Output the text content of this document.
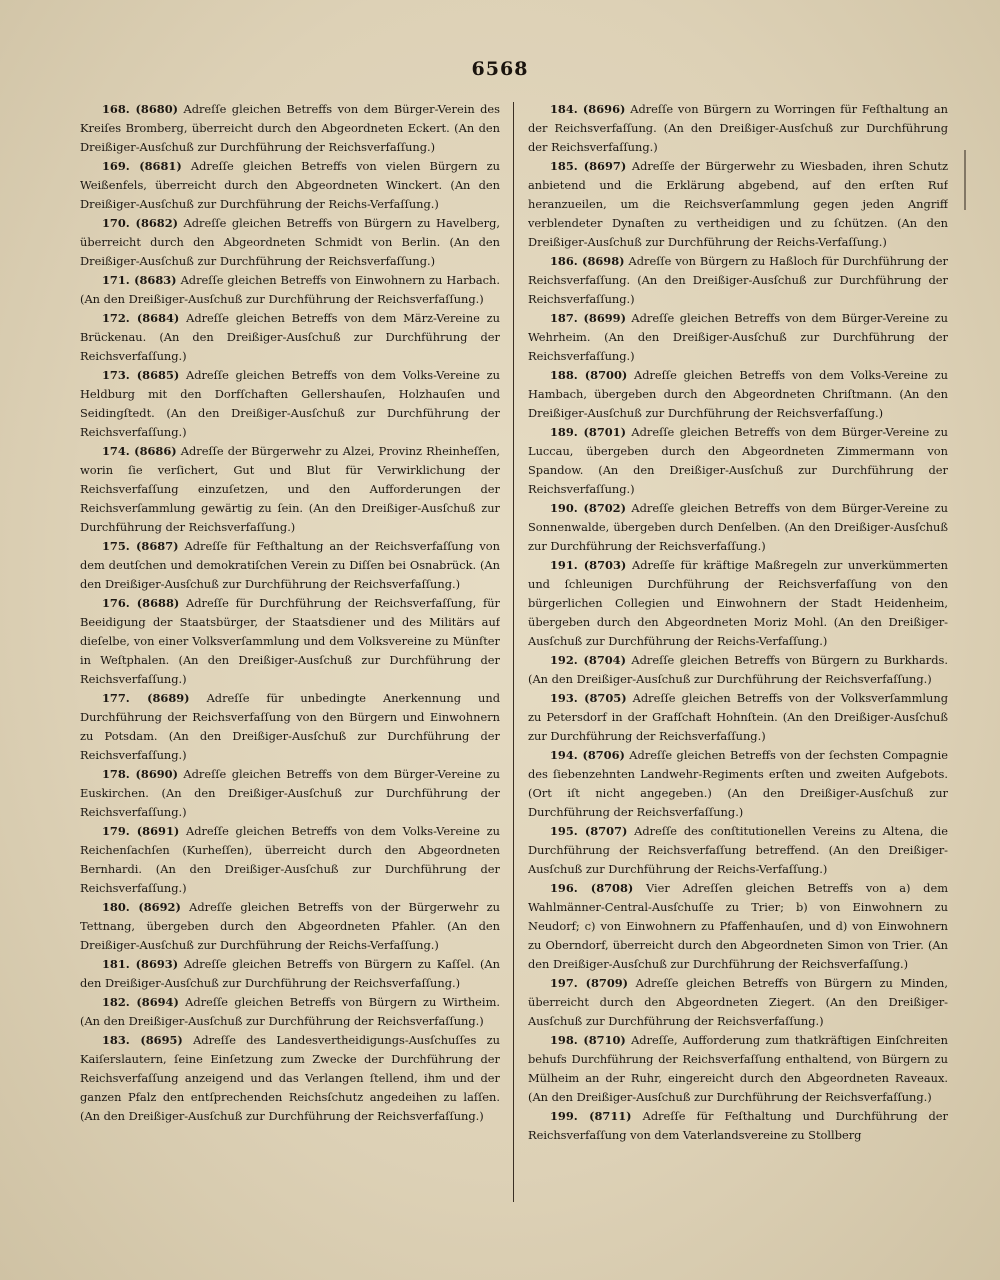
6568

168. (8680) Adreſſe gleichen Betreffs von dem Bürger-Verein des Kreiſes Bromberg, überreicht durch den Abgeordneten Eckert. (An den Dreißiger-Ausſchuß zur Durchführung der Reichsverfaſſung.)

169. (8681) Adreſſe gleichen Betreffs von vielen Bürgern zu Weißenfels, überreicht durch den Abgeordneten Winckert. (An den Dreißiger-Ausſchuß zur Durchführung der Reichs-Verfaſſung.)

170. (8682) Adreſſe gleichen Betreffs von Bürgern zu Havelberg, überreicht durch den Abgeordneten Schmidt von Berlin. (An den Dreißiger-Ausſchuß zur Durchführung der Reichsverfaſſung.)

171. (8683) Adreſſe gleichen Betreffs von Einwohnern zu Harbach. (An den Dreißiger-Ausſchuß zur Durchführung der Reichsverfaſſung.)

172. (8684) Adreſſe gleichen Betreffs von dem März-Vereine zu Brückenau. (An den Dreißiger-Ausſchuß zur Durchführung der Reichsverfaſſung.)

173. (8685) Adreſſe gleichen Betreffs von dem Volks-Vereine zu Heldburg mit den Dorfſchaften Gellershauſen, Holzhauſen und Seidingſtedt. (An den Dreißiger-Ausſchuß zur Durchführung der Reichsverfaſſung.)

174. (8686) Adreſſe der Bürgerwehr zu Alzei, Provinz Rheinheſſen, worin ſie verſichert, Gut und Blut für Verwirklichung der Reichsverfaſſung einzuſetzen, und den Aufforderungen der Reichsverſammlung gewärtig zu ſein. (An den Dreißiger-Ausſchuß zur Durchführung der Reichsverfaſſung.)

175. (8687) Adreſſe für Feſthaltung an der Reichsverfaſſung von dem deutſchen und demokratiſchen Verein zu Diſſen bei Osnabrück. (An den Dreißiger-Ausſchuß zur Durchführung der Reichsverfaſſung.)

176. (8688) Adreſſe für Durchführung der Reichsverfaſſung, für Beeidigung der Staatsbürger, der Staatsdiener und des Militärs auf dieſelbe, von einer Volksverſammlung und dem Volksvereine zu Münſter in Weſtphalen. (An den Dreißiger-Ausſchuß zur Durchführung der Reichsverfaſſung.)

177. (8689) Adreſſe für unbedingte Anerkennung und Durchführung der Reichsverfaſſung von den Bürgern und Einwohnern zu Potsdam. (An den Dreißiger-Ausſchuß zur Durchführung der Reichsverfaſſung.)

178. (8690) Adreſſe gleichen Betreffs von dem Bürger-Vereine zu Euskirchen. (An den Dreißiger-Ausſchuß zur Durchführung der Reichsverfaſſung.)

179. (8691) Adreſſe gleichen Betreffs von dem Volks-Vereine zu Reichenſachſen (Kurheſſen), überreicht durch den Abgeordneten Bernhardi. (An den Dreißiger-Ausſchuß zur Durchführung der Reichsverfaſſung.)

180. (8692) Adreſſe gleichen Betreffs von der Bürgerwehr zu Tettnang, übergeben durch den Abgeordneten Pfahler. (An den Dreißiger-Ausſchuß zur Durchführung der Reichs-Verfaſſung.)

181. (8693) Adreſſe gleichen Betreffs von Bürgern zu Kaſſel. (An den Dreißiger-Ausſchuß zur Durchführung der Reichsverfaſſung.)

182. (8694) Adreſſe gleichen Betreffs von Bürgern zu Wirtheim. (An den Dreißiger-Ausſchuß zur Durchführung der Reichsverfaſſung.)

183. (8695) Adreſſe des Landesvertheidigungs-Ausſchuſſes zu Kaiſerslautern, ſeine Einſetzung zum Zwecke der Durchführung der Reichsverfaſſung anzeigend und das Verlangen ſtellend, ihm und der ganzen Pfalz den entſprechenden Reichsſchutz angedeihen zu laſſen. (An den Dreißiger-Ausſchuß zur Durchführung der Reichsverfaſſung.)

184. (8696) Adreſſe von Bürgern zu Worringen für Feſthaltung an der Reichsverfaſſung. (An den Dreißiger-Ausſchuß zur Durchführung der Reichsverfaſſung.)

185. (8697) Adreſſe der Bürgerwehr zu Wiesbaden, ihren Schutz anbietend und die Erklärung abgebend, auf den erſten Ruf heranzueilen, um die Reichsverſammlung gegen jeden Angriff verblendeter Dynaſten zu vertheidigen und zu ſchützen. (An den Dreißiger-Ausſchuß zur Durchführung der Reichs-Verfaſſung.)

186. (8698) Adreſſe von Bürgern zu Haßloch für Durchführung der Reichsverfaſſung. (An den Dreißiger-Ausſchuß zur Durchführung der Reichsverfaſſung.)

187. (8699) Adreſſe gleichen Betreffs von dem Bürger-Vereine zu Wehrheim. (An den Dreißiger-Ausſchuß zur Durchführung der Reichsverfaſſung.)

188. (8700) Adreſſe gleichen Betreffs von dem Volks-Vereine zu Hambach, übergeben durch den Abgeordneten Chriſtmann. (An den Dreißiger-Ausſchuß zur Durchführung der Reichsverfaſſung.)

189. (8701) Adreſſe gleichen Betreffs von dem Bürger-Vereine zu Luccau, übergeben durch den Abgeordneten Zimmermann von Spandow. (An den Dreißiger-Ausſchuß zur Durchführung der Reichsverfaſſung.)

190. (8702) Adreſſe gleichen Betreffs von dem Bürger-Vereine zu Sonnenwalde, übergeben durch Denſelben. (An den Dreißiger-Ausſchuß zur Durchführung der Reichsverfaſſung.)

191. (8703) Adreſſe für kräftige Maßregeln zur unverkümmerten und ſchleunigen Durchführung der Reichsverfaſſung von den bürgerlichen Collegien und Einwohnern der Stadt Heidenheim, übergeben durch den Abgeordneten Moriz Mohl. (An den Dreißiger-Ausſchuß zur Durchführung der Reichs-Verfaſſung.)

192. (8704) Adreſſe gleichen Betreffs von Bürgern zu Burkhards. (An den Dreißiger-Ausſchuß zur Durchführung der Reichsverfaſſung.)

193. (8705) Adreſſe gleichen Betreffs von der Volksverſammlung zu Petersdorf in der Grafſchaft Hohnſtein. (An den Dreißiger-Ausſchuß zur Durchführung der Reichsverfaſſung.)

194. (8706) Adreſſe gleichen Betreffs von der ſechsten Compagnie des ſiebenzehnten Landwehr-Regiments erſten und zweiten Aufgebots. (Ort iſt nicht angegeben.) (An den Dreißiger-Ausſchuß zur Durchführung der Reichsverfaſſung.)

195. (8707) Adreſſe des conſtitutionellen Vereins zu Altena, die Durchführung der Reichsverfaſſung betreffend. (An den Dreißiger-Ausſchuß zur Durchführung der Reichs-Verfaſſung.)

196. (8708) Vier Adreſſen gleichen Betreffs von a) dem Wahlmänner-Central-Ausſchuſſe zu Trier; b) von Einwohnern zu Neudorf; c) von Einwohnern zu Pfaffenhauſen, und d) von Einwohnern zu Oberndorf, überreicht durch den Abgeordneten Simon von Trier. (An den Dreißiger-Ausſchuß zur Durchführung der Reichsverfaſſung.)

197. (8709) Adreſſe gleichen Betreffs von Bürgern zu Minden, überreicht durch den Abgeordneten Ziegert. (An den Dreißiger-Ausſchuß zur Durchführung der Reichsverfaſſung.)

198. (8710) Adreſſe, Aufforderung zum thatkräftigen Einſchreiten behufs Durchführung der Reichsverfaſſung enthaltend, von Bürgern zu Mülheim an der Ruhr, eingereicht durch den Abgeordneten Raveaux. (An den Dreißiger-Ausſchuß zur Durchführung der Reichsverfaſſung.)

199. (8711) Adreſſe für Feſthaltung und Durchführung der Reichsverfaſſung von dem Vaterlandsvereine zu Stollberg
